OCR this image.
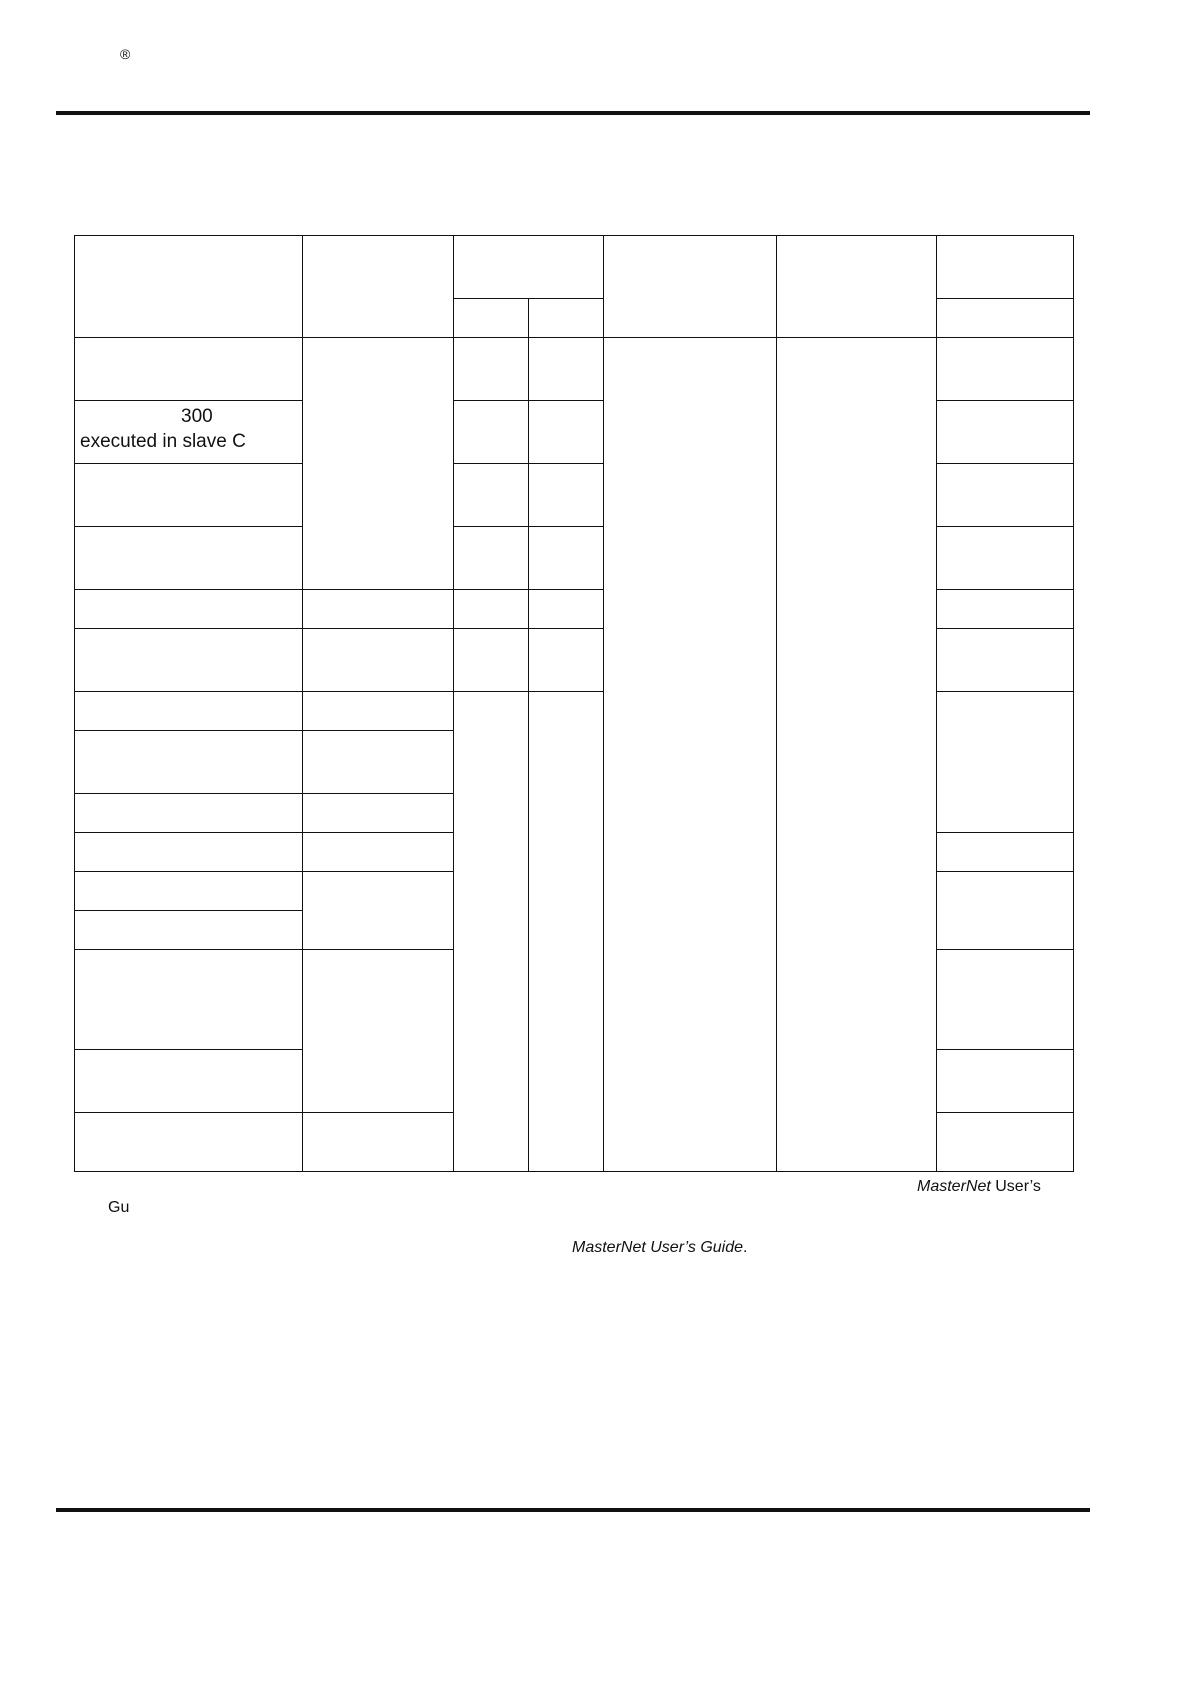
®
300
executed in slave C
MasterNet User’s
Gu
MasterNet User’s Guide.
